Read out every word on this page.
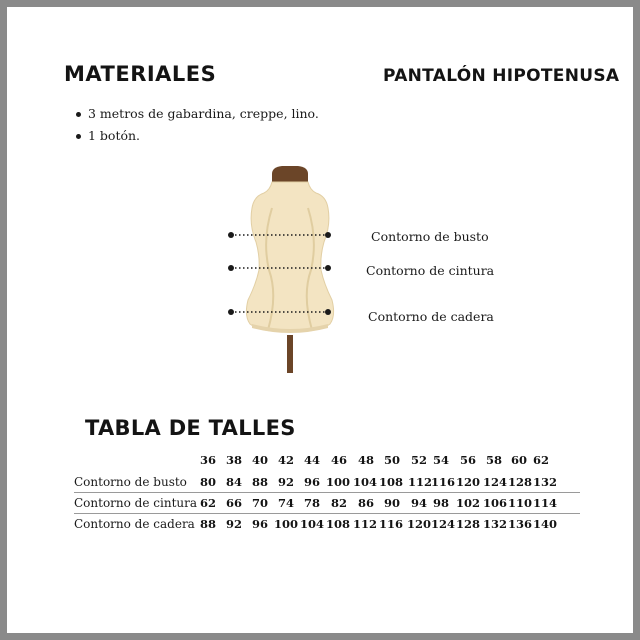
MATERIALES	PANTALÓN HIPOTENUSA
3 metros de gabardina, creppe, lino.
1 botón.
Contorno de busto
Contorno de cintura
Contorno de cadera
TABLA DE TALLES
36 38 40 42 44 46 48 50 52 54 56 58 60 62
Contorno de busto 80 84 88 92 96 100 104 108 112
116 120 124 128 132
Contorno de cintura 62 66 70 74 78 82 86 90 94 98 102 106 110 114
Contorno de cadera 88 92 96 100 104 108 112 116 120 124 128 132 136 140
